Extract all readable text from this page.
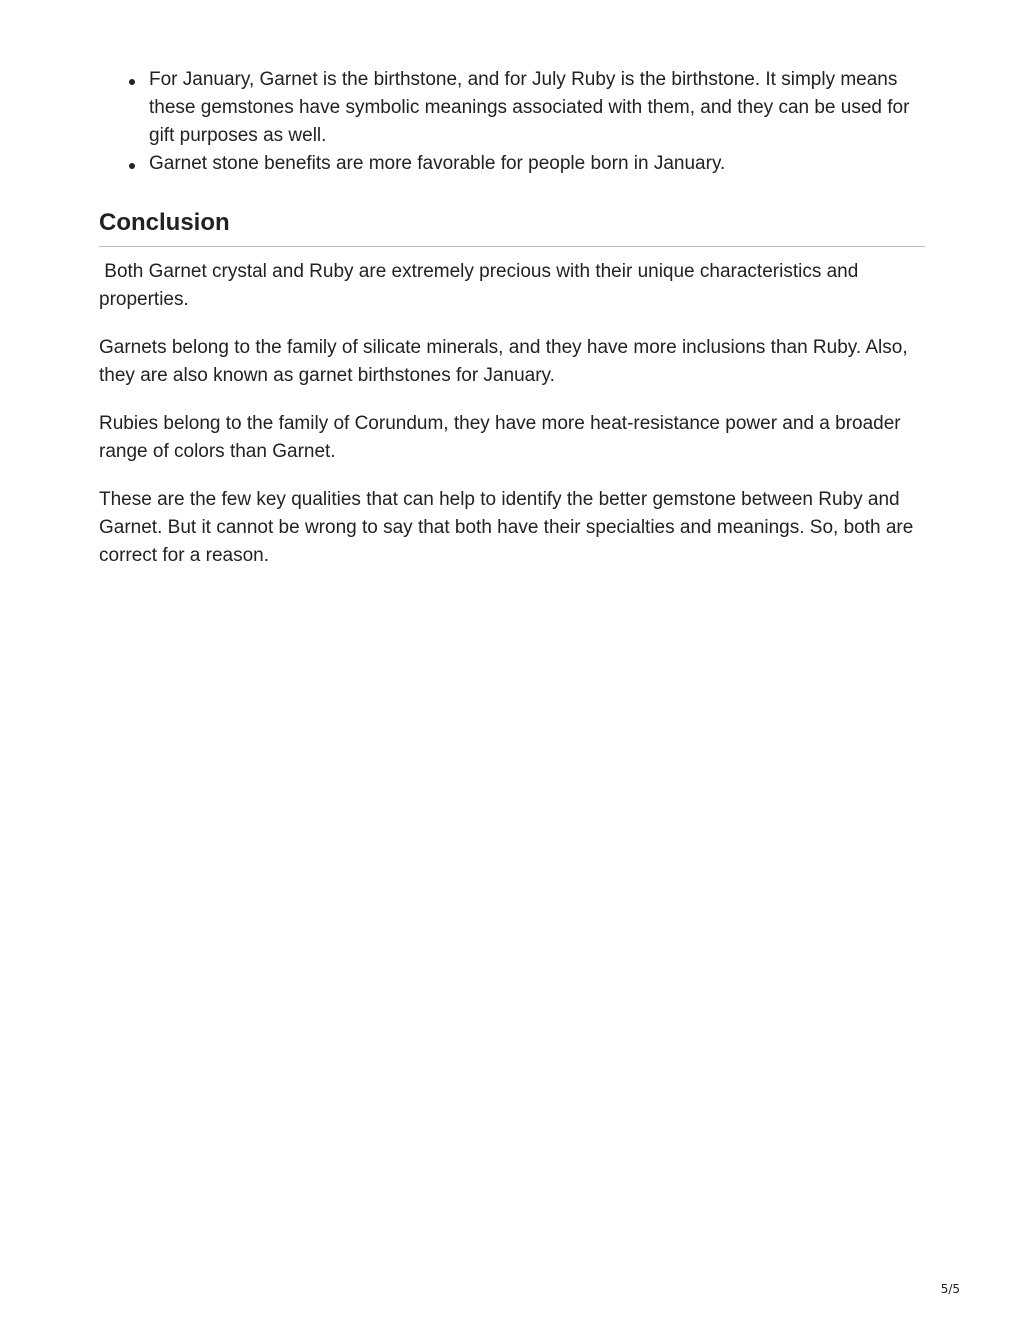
For January, Garnet is the birthstone, and for July Ruby is the birthstone. It simply means these gemstones have symbolic meanings associated with them, and they can be used for gift purposes as well.
Garnet stone benefits are more favorable for people born in January.
Conclusion

Both Garnet crystal and Ruby are extremely precious with their unique characteristics and properties.

Garnets belong to the family of silicate minerals, and they have more inclusions than Ruby. Also, they are also known as garnet birthstones for January.

Rubies belong to the family of Corundum, they have more heat-resistance power and a broader range of colors than Garnet.

These are the few key qualities that can help to identify the better gemstone between Ruby and Garnet. But it cannot be wrong to say that both have their specialties and meanings. So, both are correct for a reason.

5/5
